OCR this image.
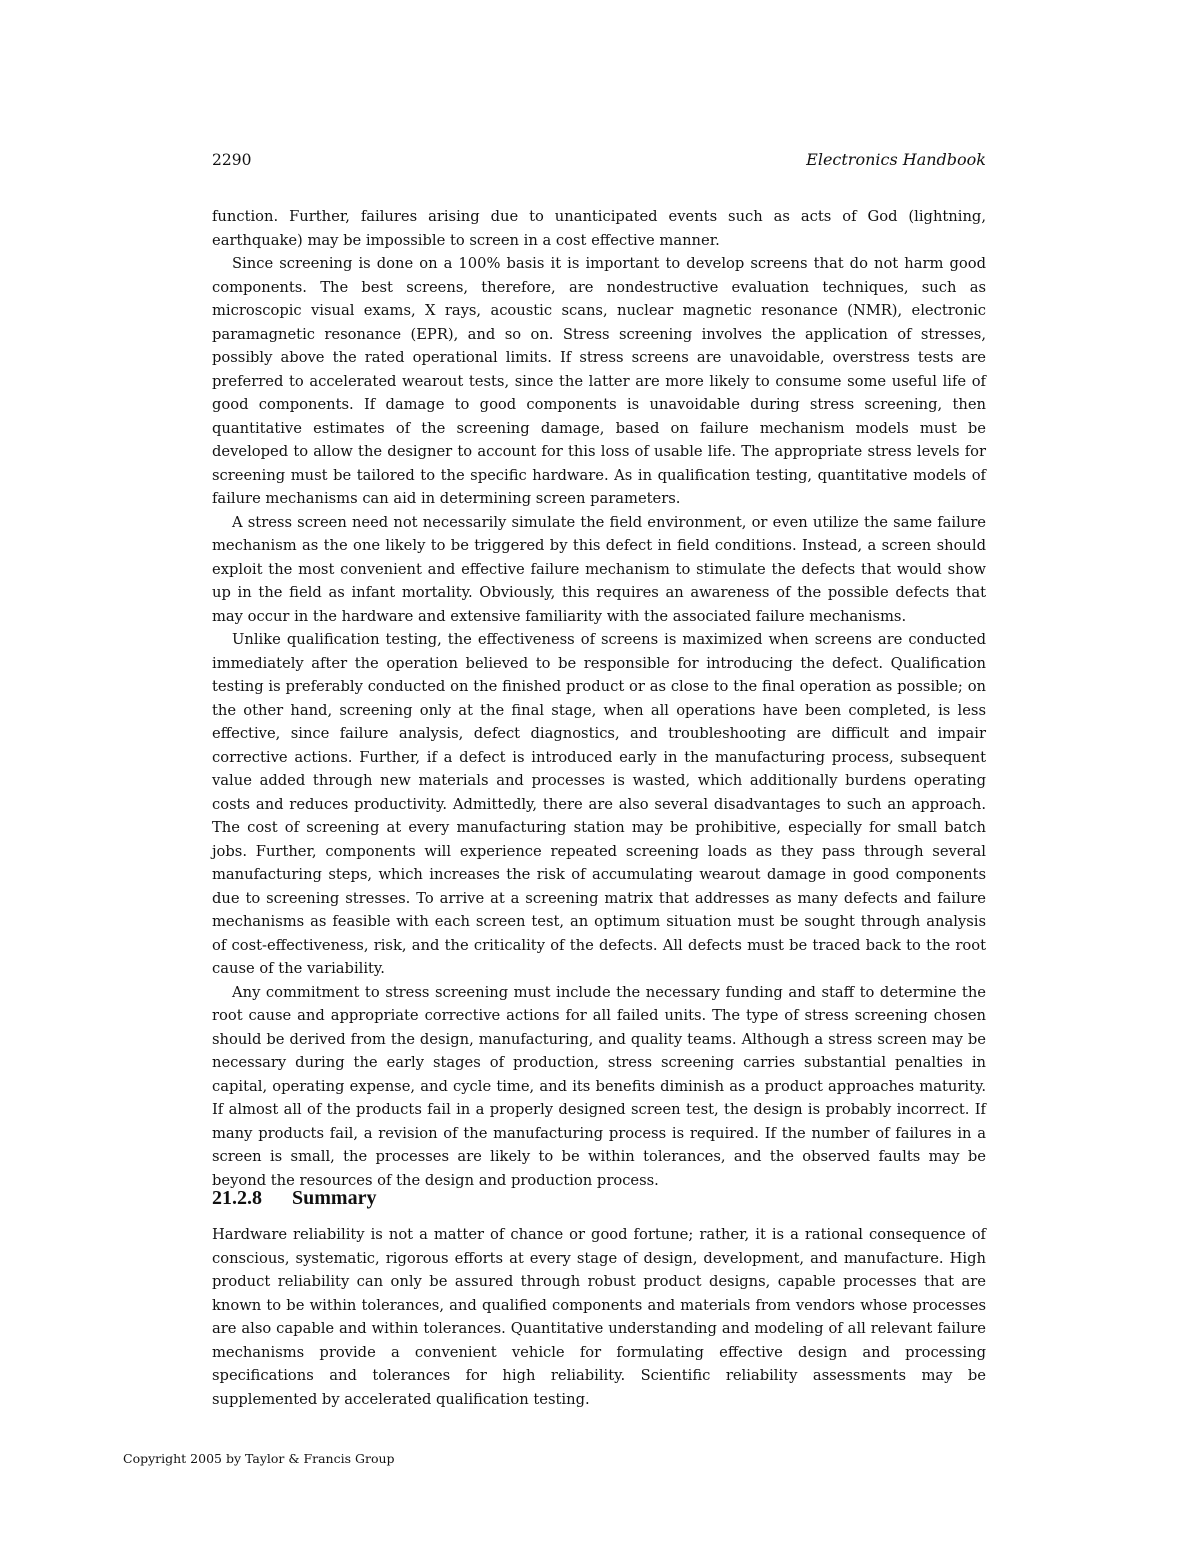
2290	Electronics Handbook

function. Further, failures arising due to unanticipated events such as acts of God (lightning, earthquake) may be impossible to screen in a cost effective manner.

Since screening is done on a 100% basis it is important to develop screens that do not harm good components. The best screens, therefore, are nondestructive evaluation techniques, such as microscopic visual exams, X rays, acoustic scans, nuclear magnetic resonance (NMR), electronic paramagnetic resonance (EPR), and so on. Stress screening involves the application of stresses, possibly above the rated operational limits. If stress screens are unavoidable, overstress tests are preferred to accelerated wearout tests, since the latter are more likely to consume some useful life of good components. If damage to good components is unavoidable during stress screening, then quantitative estimates of the screening damage, based on failure mechanism models must be developed to allow the designer to account for this loss of usable life. The appropriate stress levels for screening must be tailored to the specific hardware. As in qualification testing, quantitative models of failure mechanisms can aid in determining screen parameters.

A stress screen need not necessarily simulate the field environment, or even utilize the same failure mechanism as the one likely to be triggered by this defect in field conditions. Instead, a screen should exploit the most convenient and effective failure mechanism to stimulate the defects that would show up in the field as infant mortality. Obviously, this requires an awareness of the possible defects that may occur in the hardware and extensive familiarity with the associated failure mechanisms.

Unlike qualification testing, the effectiveness of screens is maximized when screens are conducted immediately after the operation believed to be responsible for introducing the defect. Qualification testing is preferably conducted on the finished product or as close to the final operation as possible; on the other hand, screening only at the final stage, when all operations have been completed, is less effective, since failure analysis, defect diagnostics, and troubleshooting are difficult and impair corrective actions. Further, if a defect is introduced early in the manufacturing process, subsequent value added through new materials and processes is wasted, which additionally burdens operating costs and reduces productivity. Admittedly, there are also several disadvantages to such an approach. The cost of screening at every manufacturing station may be prohibitive, especially for small batch jobs. Further, components will experience repeated screening loads as they pass through several manufacturing steps, which increases the risk of accumulating wearout damage in good components due to screening stresses. To arrive at a screening matrix that addresses as many defects and failure mechanisms as feasible with each screen test, an optimum situation must be sought through analysis of cost-effectiveness, risk, and the criticality of the defects. All defects must be traced back to the root cause of the variability.

Any commitment to stress screening must include the necessary funding and staff to determine the root cause and appropriate corrective actions for all failed units. The type of stress screening chosen should be derived from the design, manufacturing, and quality teams. Although a stress screen may be necessary during the early stages of production, stress screening carries substantial penalties in capital, operating expense, and cycle time, and its benefits diminish as a product approaches maturity. If almost all of the products fail in a properly designed screen test, the design is probably incorrect. If many products fail, a revision of the manufacturing process is required. If the number of failures in a screen is small, the processes are likely to be within tolerances, and the observed faults may be beyond the resources of the design and production process.

21.2.8 Summary

Hardware reliability is not a matter of chance or good fortune; rather, it is a rational consequence of conscious, systematic, rigorous efforts at every stage of design, development, and manufacture. High product reliability can only be assured through robust product designs, capable processes that are known to be within tolerances, and qualified components and materials from vendors whose processes are also capable and within tolerances. Quantitative understanding and modeling of all relevant failure mechanisms provide a convenient vehicle for formulating effective design and processing specifications and tolerances for high reliability. Scientific reliability assessments may be supplemented by accelerated qualification testing.

Copyright 2005 by Taylor & Francis Group
